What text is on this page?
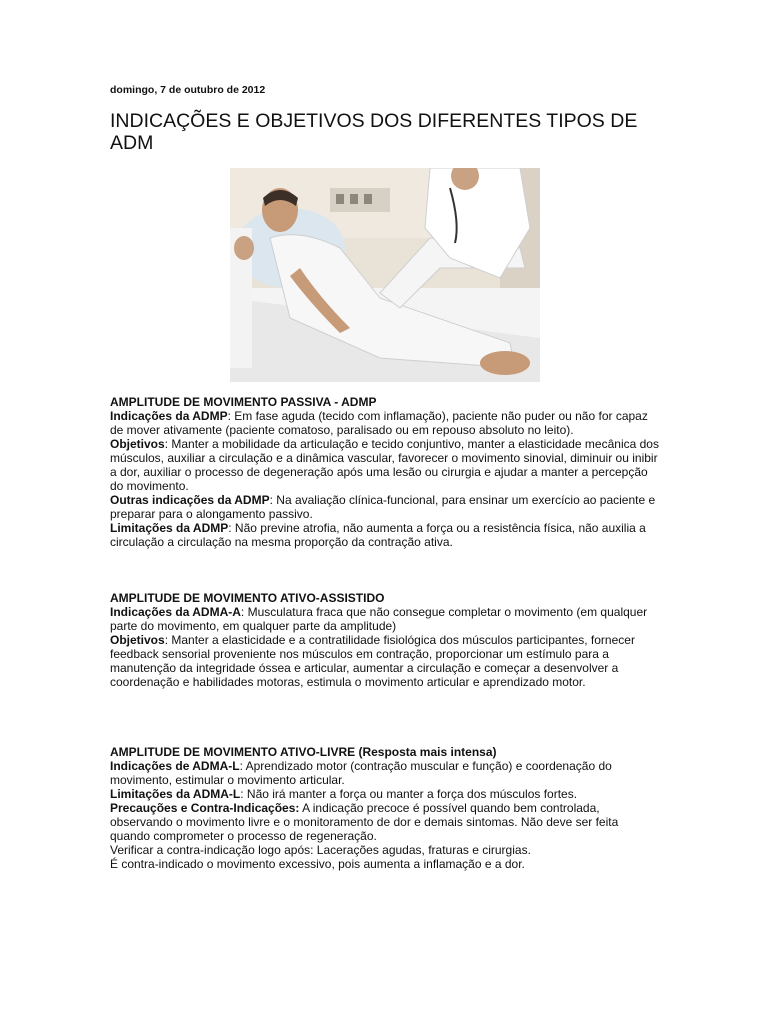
domingo, 7 de outubro de 2012
INDICAÇÕES E OBJETIVOS DOS DIFERENTES TIPOS DE ADM

AMPLITUDE DE MOVIMENTO PASSIVA - ADMP

Indicações da ADMP: Em fase aguda (tecido com inflamação), paciente não puder ou não for capaz de mover ativamente (paciente comatoso, paralisado ou em repouso absoluto no leito).

Objetivos: Manter a mobilidade da articulação e tecido conjuntivo, manter a elasticidade mecânica dos músculos, auxiliar a circulação e a dinâmica vascular, favorecer o movimento sinovial, diminuir ou inibir a dor, auxiliar o processo de degeneração após uma lesão ou cirurgia e ajudar a manter a percepção do movimento.

Outras indicações da ADMP: Na avaliação clínica-funcional, para ensinar um exercício ao paciente e preparar para o alongamento passivo.

Limitações da ADMP: Não previne atrofia, não aumenta a força ou a resistência física, não auxilia a circulação a circulação na mesma proporção da contração ativa.

AMPLITUDE DE MOVIMENTO ATIVO-ASSISTIDO

Indicações da ADMA-A: Musculatura fraca que não consegue completar o movimento (em qualquer parte do movimento, em qualquer parte da amplitude)

Objetivos: Manter a elasticidade e a contratilidade fisiológica dos músculos participantes, fornecer feedback sensorial proveniente nos músculos em contração, proporcionar um estímulo para a manutenção da integridade óssea e articular, aumentar a circulação e começar a desenvolver a coordenação e habilidades motoras, estimula o movimento articular e aprendizado motor.

AMPLITUDE DE MOVIMENTO ATIVO-LIVRE (Resposta mais intensa)

Indicações de ADMA-L: Aprendizado motor (contração muscular e função) e coordenação do movimento, estimular o movimento articular.

Limitações da ADMA-L: Não irá manter a força ou manter a força dos músculos fortes.

Precauções e Contra-Indicações: A indicação precoce é possível quando bem controlada, observando o movimento livre e o monitoramento de dor e demais sintomas. Não deve ser feita quando comprometer o processo de regeneração.

Verificar a contra-indicação logo após: Lacerações agudas, fraturas e cirurgias.

É contra-indicado o movimento excessivo, pois aumenta a inflamação e a dor.
